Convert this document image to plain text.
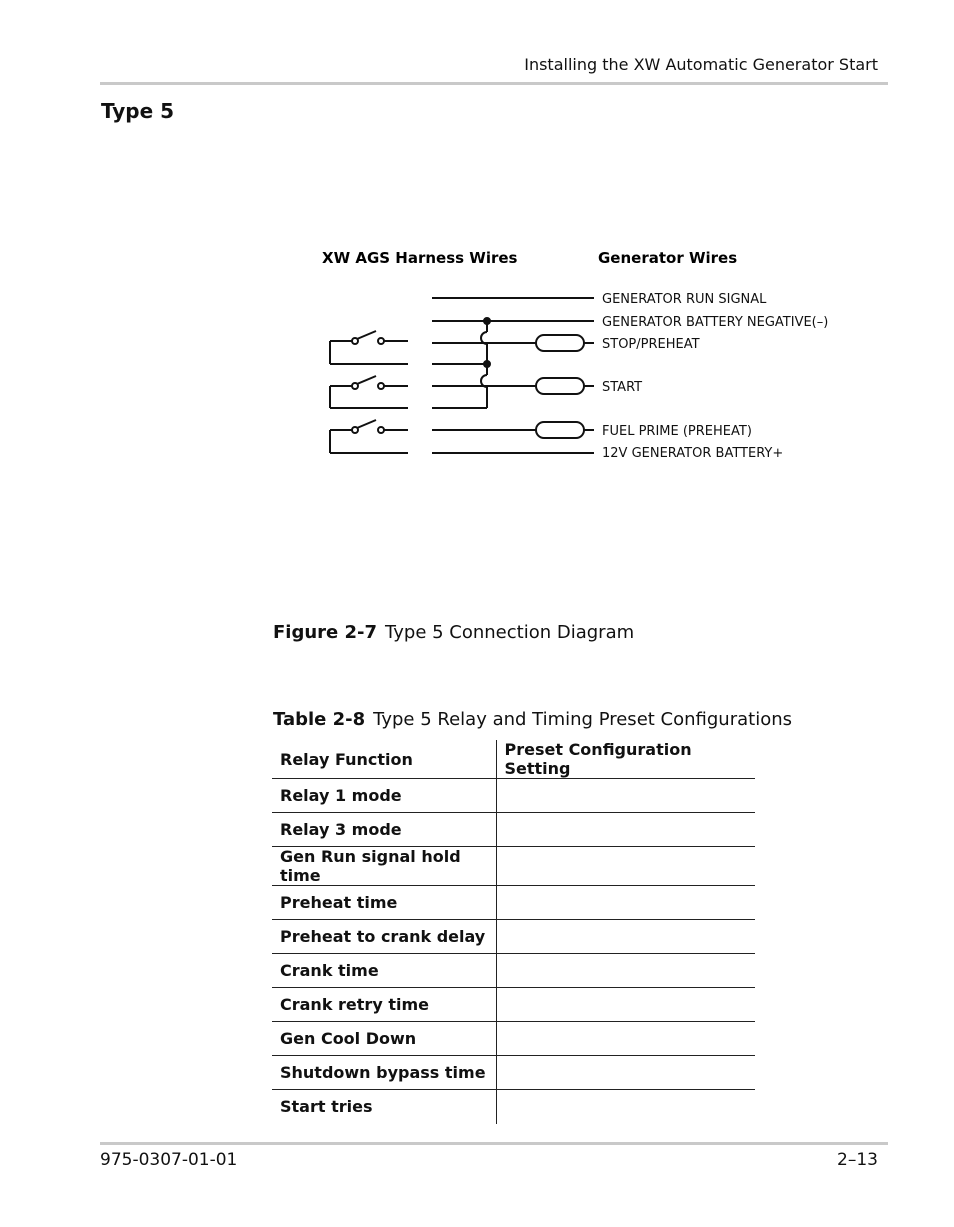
Installing the XW Automatic Generator Start
Type 5
XW AGS Harness Wires	Generator Wires
GENERATOR RUN SIGNAL
GENERATOR BATTERY NEGATIVE(–)
STOP/PREHEAT
START
FUEL PRIME (PREHEAT)
12V GENERATOR BATTERY+
Figure 2-7 Type 5 Connection Diagram
Table 2-8 Type 5 Relay and Timing Preset Configurations
Relay Function	Preset Configuration Setting
Relay 1 mode	
Relay 3 mode	
Gen Run signal hold time	
Preheat time	
Preheat to crank delay	
Crank time	
Crank retry time	
Gen Cool Down	
Shutdown bypass time	
Start tries	
975-0307-01-01	2–13
